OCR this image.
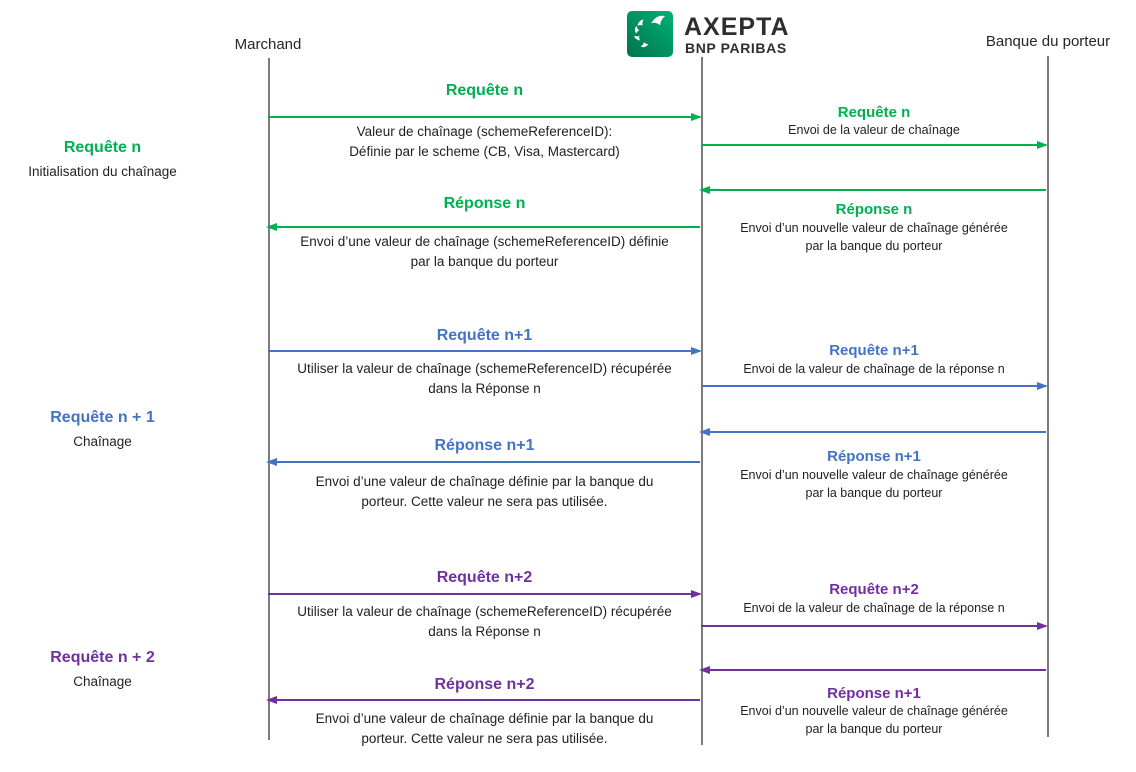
Marchand	Banque du porteur
AXEPTA
BNP PARIBAS
Requête n
Initialisation du chaînage
Requête n + 1
Chaînage
Requête n + 2
Chaînage
Requête n
Valeur de chaînage (schemeReferenceID):
Définie par le scheme (CB, Visa, Mastercard)
Requête n
Envoi de la valeur de chaînage
Réponse n
Envoi d’une valeur de chaînage (schemeReferenceID) définie
par la banque du porteur
Réponse n
Envoi d’un nouvelle valeur de chaînage générée
par la banque du porteur
Requête n+1
Utiliser la valeur de chaînage (schemeReferenceID) récupérée
dans la Réponse n
Requête n+1
Envoi de la valeur de chaînage de la réponse n
Réponse n+1
Envoi d’une valeur de chaînage définie par la banque du
porteur. Cette valeur ne sera pas utilisée.
Réponse n+1
Envoi d’un nouvelle valeur de chaînage générée
par la banque du porteur
Requête n+2
Utiliser la valeur de chaînage (schemeReferenceID) récupérée
dans la Réponse n
Requête n+2
Envoi de la valeur de chaînage de la réponse n
Réponse n+2
Envoi d’une valeur de chaînage définie par la banque du
porteur. Cette valeur ne sera pas utilisée.
Réponse n+1
Envoi d’un nouvelle valeur de chaînage générée
par la banque du porteur
